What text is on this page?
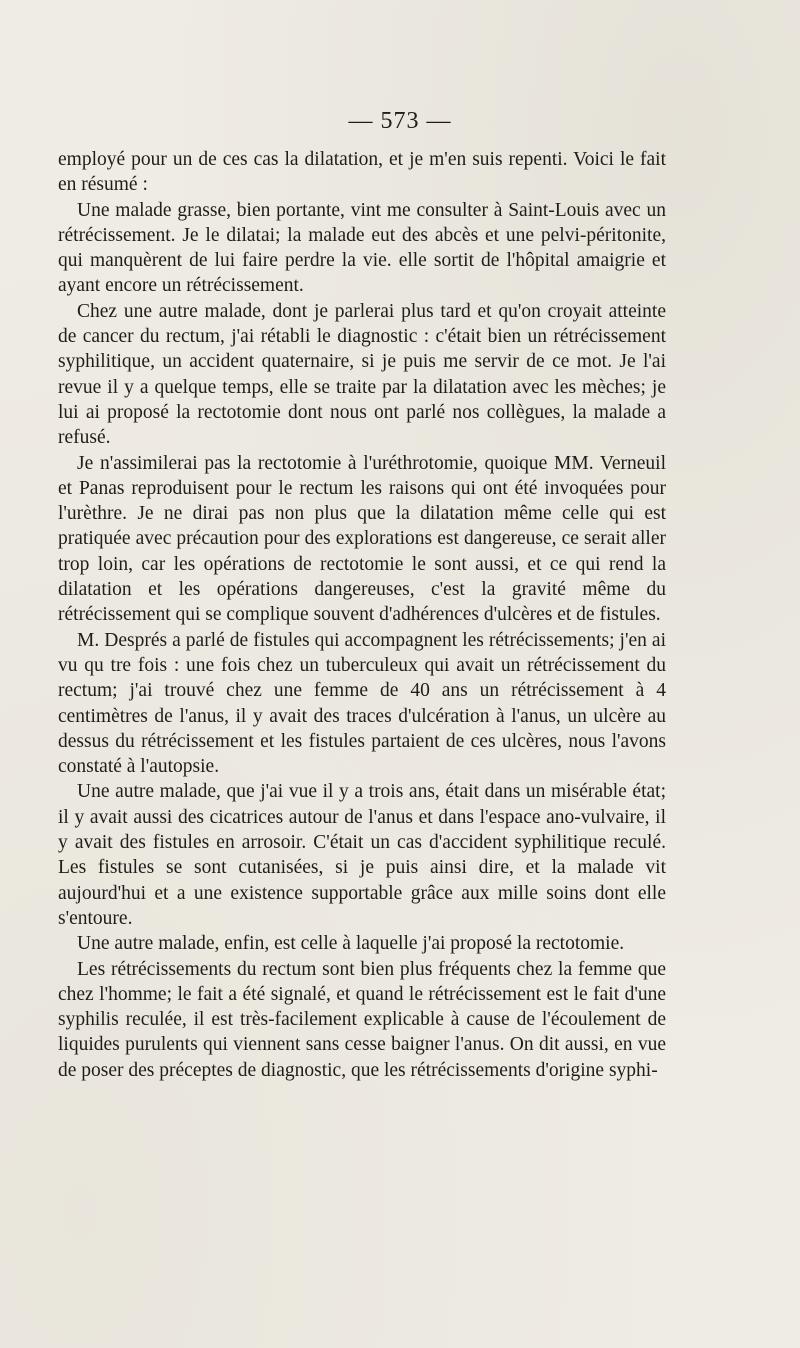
— 573 —

employé pour un de ces cas la dilatation, et je m'en suis repenti. Voici le fait en résumé :

Une malade grasse, bien portante, vint me consulter à Saint-Louis avec un rétrécissement. Je le dilatai; la malade eut des abcès et une pelvi-péritonite, qui manquèrent de lui faire perdre la vie. elle sortit de l'hôpital amaigrie et ayant encore un rétrécissement.

Chez une autre malade, dont je parlerai plus tard et qu'on croyait atteinte de cancer du rectum, j'ai rétabli le diagnostic : c'était bien un rétrécissement syphilitique, un accident quaternaire, si je puis me servir de ce mot. Je l'ai revue il y a quelque temps, elle se traite par la dilatation avec les mèches; je lui ai proposé la rectotomie dont nous ont parlé nos collègues, la malade a refusé.

Je n'assimilerai pas la rectotomie à l'uréthrotomie, quoique MM. Verneuil et Panas reproduisent pour le rectum les raisons qui ont été invoquées pour l'urèthre. Je ne dirai pas non plus que la dilatation même celle qui est pratiquée avec précaution pour des explorations est dangereuse, ce serait aller trop loin, car les opérations de rectotomie le sont aussi, et ce qui rend la dilatation et les opérations dangereuses, c'est la gravité même du rétrécissement qui se complique souvent d'adhérences d'ulcères et de fistules.

M. Després a parlé de fistules qui accompagnent les rétrécissements; j'en ai vu qu tre fois : une fois chez un tuberculeux qui avait un rétrécissement du rectum; j'ai trouvé chez une femme de 40 ans un rétrécissement à 4 centimètres de l'anus, il y avait des traces d'ulcération à l'anus, un ulcère au dessus du rétrécissement et les fistules partaient de ces ulcères, nous l'avons constaté à l'autopsie.

Une autre malade, que j'ai vue il y a trois ans, était dans un misérable état; il y avait aussi des cicatrices autour de l'anus et dans l'espace ano-vulvaire, il y avait des fistules en arrosoir. C'était un cas d'accident syphilitique reculé. Les fistules se sont cutanisées, si je puis ainsi dire, et la malade vit aujourd'hui et a une existence supportable grâce aux mille soins dont elle s'entoure.

Une autre malade, enfin, est celle à laquelle j'ai proposé la rectotomie.

Les rétrécissements du rectum sont bien plus fréquents chez la femme que chez l'homme; le fait a été signalé, et quand le rétrécissement est le fait d'une syphilis reculée, il est très-facilement explicable à cause de l'écoulement de liquides purulents qui viennent sans cesse baigner l'anus. On dit aussi, en vue de poser des préceptes de diagnostic, que les rétrécissements d'origine syphi-
